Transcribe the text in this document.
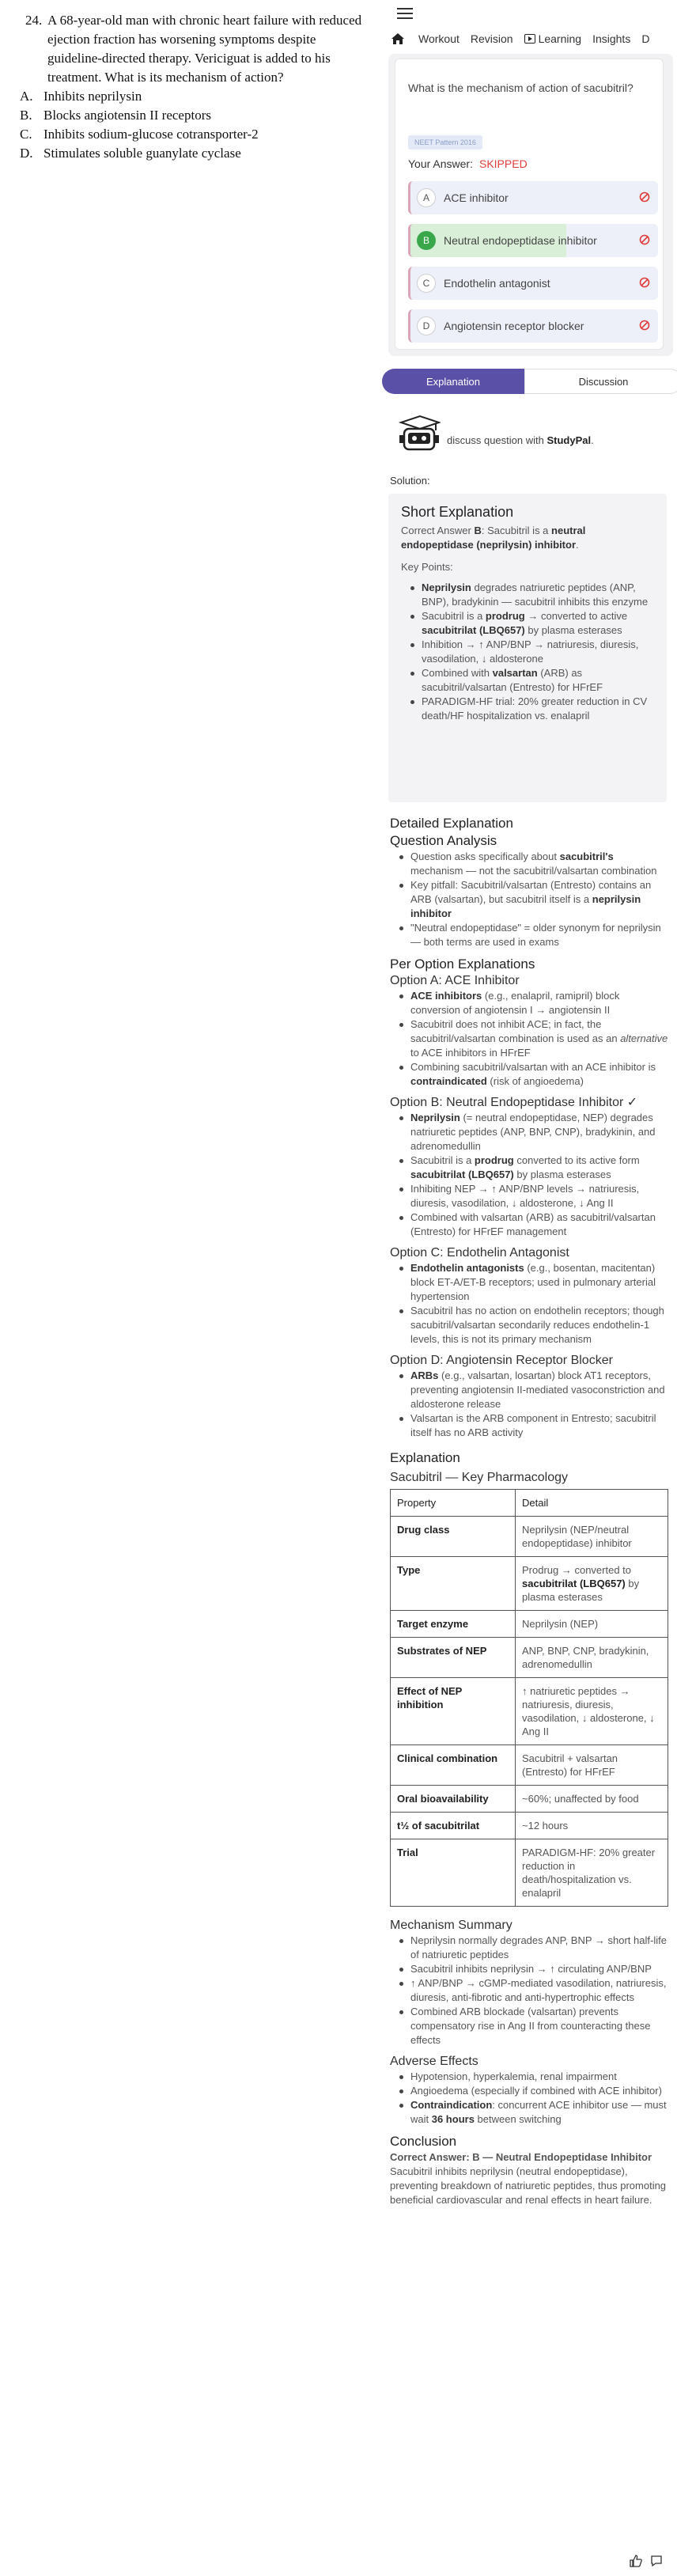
24. A 68-year-old man with chronic heart failure with reduced ejection fraction has worsening symptoms despite guideline-directed therapy. Vericiguat is added to his treatment. What is its mechanism of action?
A. Inhibits neprilysin
B. Blocks angiotensin II receptors
C. Inhibits sodium-glucose cotransporter-2
D. Stimulates soluble guanylate cyclase
Workout Revision Learning Insights D
What is the mechanism of action of sacubitril?
NEET Pattern 2016
Your Answer: SKIPPED
A	ACE inhibitor
B	Neutral endopeptidase inhibitor
C	Endothelin antagonist
D	Angiotensin receptor blocker
Explanation	Discussion
discuss question with StudyPal.
Solution:
Short Explanation
Correct Answer B: Sacubitril is a neutral endopeptidase (neprilysin) inhibitor.
Key Points:
Neprilysin degrades natriuretic peptides (ANP, BNP), bradykinin — sacubitril inhibits this enzyme
Sacubitril is a prodrug → converted to active sacubitrilat (LBQ657) by plasma esterases
Inhibition → ↑ ANP/BNP → natriuresis, diuresis, vasodilation, ↓ aldosterone
Combined with valsartan (ARB) as sacubitril/valsartan (Entresto) for HFrEF
PARADIGM-HF trial: 20% greater reduction in CV death/HF hospitalization vs. enalapril
Detailed Explanation
Question Analysis
Question asks specifically about sacubitril's mechanism — not the sacubitril/valsartan combination
Key pitfall: Sacubitril/valsartan (Entresto) contains an ARB (valsartan), but sacubitril itself is a neprilysin inhibitor
"Neutral endopeptidase" = older synonym for neprilysin — both terms are used in exams
Per Option Explanations
Option A: ACE Inhibitor
ACE inhibitors (e.g., enalapril, ramipril) block conversion of angiotensin I → angiotensin II
Sacubitril does not inhibit ACE; in fact, the sacubitril/valsartan combination is used as an alternative to ACE inhibitors in HFrEF
Combining sacubitril/valsartan with an ACE inhibitor is contraindicated (risk of angioedema)
Option B: Neutral Endopeptidase Inhibitor ✓
Neprilysin (= neutral endopeptidase, NEP) degrades natriuretic peptides (ANP, BNP, CNP), bradykinin, and adrenomedullin
Sacubitril is a prodrug converted to its active form sacubitrilat (LBQ657) by plasma esterases
Inhibiting NEP → ↑ ANP/BNP levels → natriuresis, diuresis, vasodilation, ↓ aldosterone, ↓ Ang II
Combined with valsartan (ARB) as sacubitril/valsartan (Entresto) for HFrEF management
Option C: Endothelin Antagonist
Endothelin antagonists (e.g., bosentan, macitentan) block ET-A/ET-B receptors; used in pulmonary arterial hypertension
Sacubitril has no action on endothelin receptors; though sacubitril/valsartan secondarily reduces endothelin-1 levels, this is not its primary mechanism
Option D: Angiotensin Receptor Blocker
ARBs (e.g., valsartan, losartan) block AT1 receptors, preventing angiotensin II-mediated vasoconstriction and aldosterone release
Valsartan is the ARB component in Entresto; sacubitril itself has no ARB activity
Explanation
Sacubitril — Key Pharmacology
Property	Detail
Drug class	Neprilysin (NEP/neutral endopeptidase) inhibitor
Type	Prodrug → converted to sacubitrilat (LBQ657) by plasma esterases
Target enzyme	Neprilysin (NEP)
Substrates of NEP	ANP, BNP, CNP, bradykinin, adrenomedullin
Effect of NEP inhibition	↑ natriuretic peptides → natriuresis, diuresis, vasodilation, ↓ aldosterone, ↓ Ang II
Clinical combination	Sacubitril + valsartan (Entresto) for HFrEF
Oral bioavailability	~60%; unaffected by food
t½ of sacubitrilat	~12 hours
Trial	PARADIGM-HF: 20% greater reduction in death/hospitalization vs. enalapril
Mechanism Summary
Neprilysin normally degrades ANP, BNP → short half-life of natriuretic peptides
Sacubitril inhibits neprilysin → ↑ circulating ANP/BNP
↑ ANP/BNP → cGMP-mediated vasodilation, natriuresis, diuresis, anti-fibrotic and anti-hypertrophic effects
Combined ARB blockade (valsartan) prevents compensatory rise in Ang II from counteracting these effects
Adverse Effects
Hypotension, hyperkalemia, renal impairment
Angioedema (especially if combined with ACE inhibitor)
Contraindication: concurrent ACE inhibitor use — must wait 36 hours between switching
Conclusion

Correct Answer: B — Neutral Endopeptidase Inhibitor Sacubitril inhibits neprilysin (neutral endopeptidase), preventing breakdown of natriuretic peptides, thus promoting beneficial cardiovascular and renal effects in heart failure.
